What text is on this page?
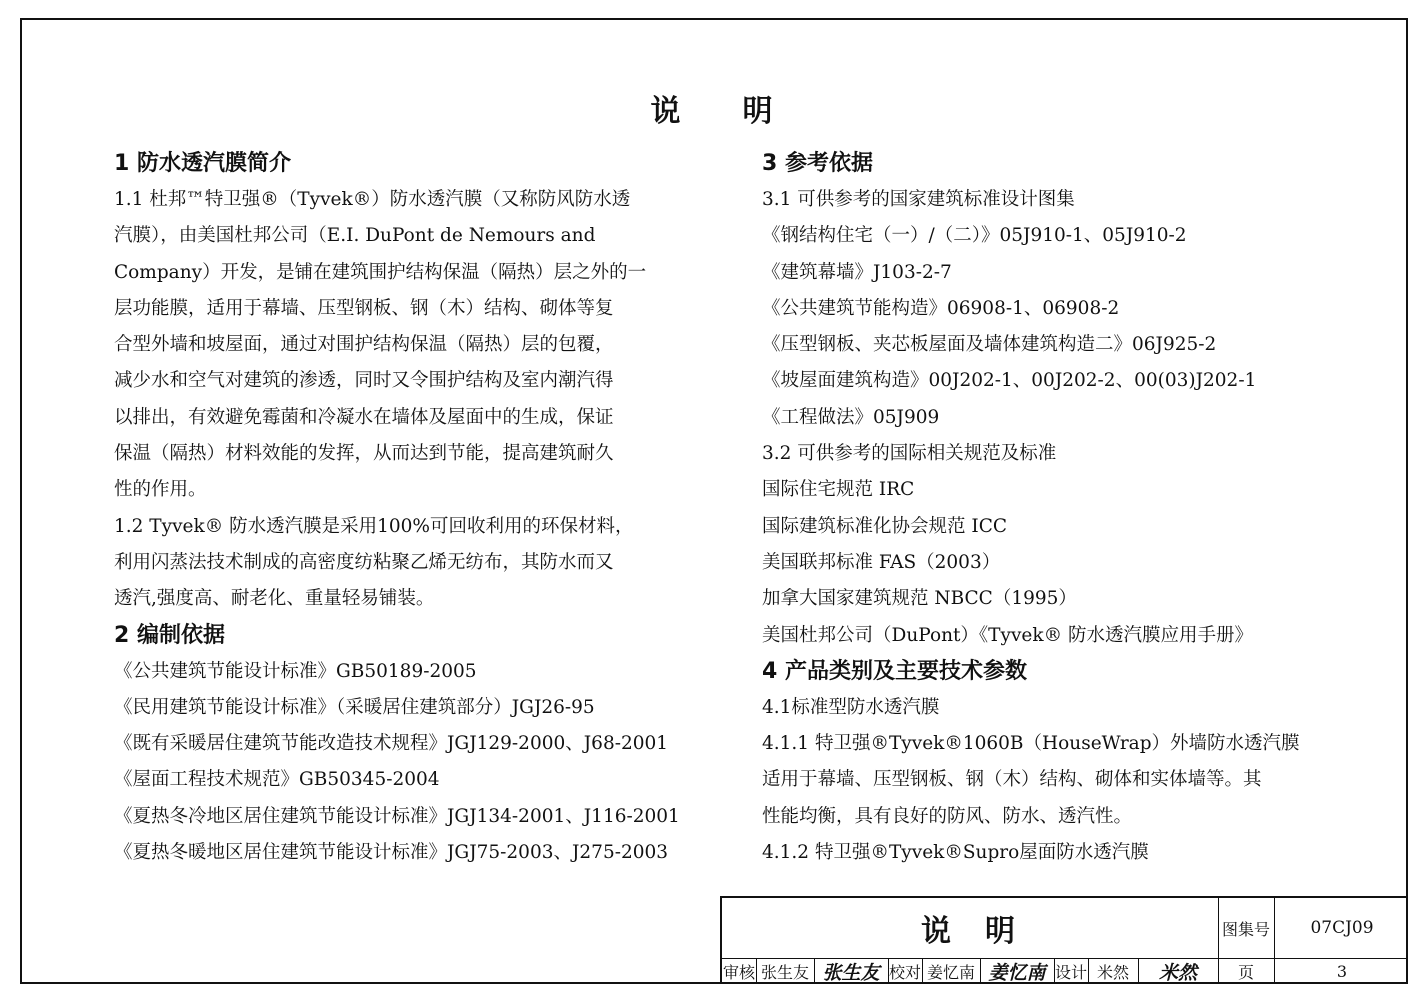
说 明
1 防水透汽膜简介
1.1 杜邦™特卫强®（Tyvek®）防水透汽膜（又称防风防水透
汽膜），由美国杜邦公司（E.I. DuPont de Nemours and
Company）开发，是铺在建筑围护结构保温（隔热）层之外的一
层功能膜，适用于幕墙、压型钢板、钢（木）结构、砌体等复
合型外墙和坡屋面，通过对围护结构保温（隔热）层的包覆，
减少水和空气对建筑的渗透，同时又令围护结构及室内潮汽得
以排出，有效避免霉菌和冷凝水在墙体及屋面中的生成，保证
保温（隔热）材料效能的发挥，从而达到节能，提高建筑耐久
性的作用。
1.2 Tyvek® 防水透汽膜是采用100%可回收利用的环保材料，
利用闪蒸法技术制成的高密度纺粘聚乙烯无纺布，其防水而又
透汽,强度高、耐老化、重量轻易铺装。
2 编制依据
《公共建筑节能设计标准》GB50189-2005
《民用建筑节能设计标准》（采暖居住建筑部分）JGJ26-95
《既有采暖居住建筑节能改造技术规程》JGJ129-2000、J68-2001
《屋面工程技术规范》GB50345-2004
《夏热冬冷地区居住建筑节能设计标准》JGJ134-2001、J116-2001
《夏热冬暖地区居住建筑节能设计标准》JGJ75-2003、J275-2003
3 参考依据
3.1 可供参考的国家建筑标准设计图集
《钢结构住宅（一）/（二）》05J910-1、05J910-2
《建筑幕墙》J103-2-7
《公共建筑节能构造》06908-1、06908-2
《压型钢板、夹芯板屋面及墙体建筑构造二》06J925-2
《坡屋面建筑构造》00J202-1、00J202-2、00(03)J202-1
《工程做法》05J909
3.2 可供参考的国际相关规范及标准
国际住宅规范 IRC
国际建筑标准化协会规范 ICC
美国联邦标准 FAS（2003）
加拿大国家建筑规范 NBCC（1995）
美国杜邦公司（DuPont）《Tyvek® 防水透汽膜应用手册》
4 产品类别及主要技术参数
4.1标准型防水透汽膜
4.1.1 特卫强®Tyvek®1060B（HouseWrap）外墙防水透汽膜
适用于幕墙、压型钢板、钢（木）结构、砌体和实体墙等。其
性能均衡，具有良好的防风、防水、透汽性。
4.1.2 特卫强®Tyvek®Supro屋面防水透汽膜
说 明	图集号	07CJ09
审核 张生友 张生友 校对 姜忆南 姜忆南 设计 米然	米然	页	3
